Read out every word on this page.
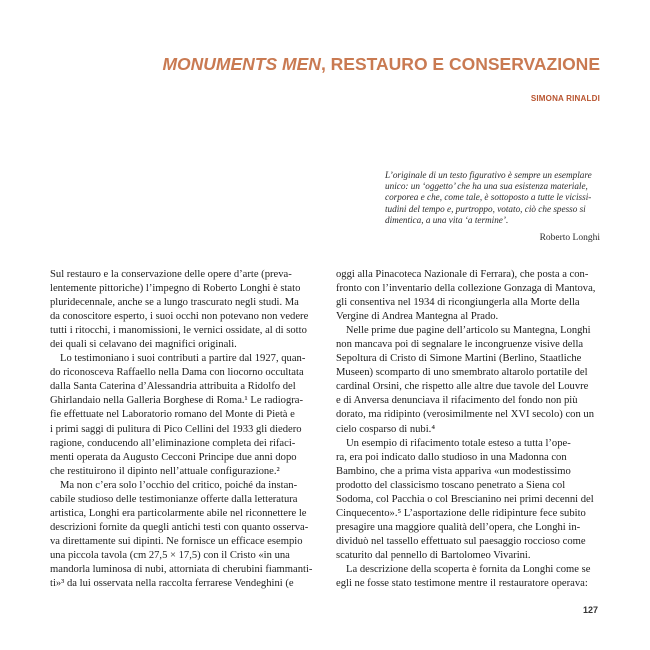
MONUMENTS MEN, RESTAURO E CONSERVAZIONE
SIMONA RINALDI
L’originale di un testo figurativo è sempre un esemplare
unico: un ‘oggetto’ che ha una sua esistenza materiale,
corporea e che, come tale, è sottoposto a tutte le vicissi-
tudini del tempo e, purtroppo, votato, ciò che spesso si
dimentica, a una vita ‘a termine’.
Roberto Longhi
Sul restauro e la conservazione delle opere d’arte (preva-
lentemente pittoriche) l’impegno di Roberto Longhi è stato
pluridecennale, anche se a lungo trascurato negli studi. Ma
da conoscitore esperto, i suoi occhi non potevano non vedere
tutti i ritocchi, i manomissioni, le vernici ossidate, al di sotto
dei quali si celavano dei magnifici originali.
Lo testimoniano i suoi contributi a partire dal 1927, quan-
do riconosceva Raffaello nella Dama con liocorno occultata
dalla Santa Caterina d’Alessandria attribuita a Ridolfo del
Ghirlandaio nella Galleria Borghese di Roma.¹ Le radiogra-
fie effettuate nel Laboratorio romano del Monte di Pietà e
i primi saggi di pulitura di Pico Cellini del 1933 gli diedero
ragione, conducendo all’eliminazione completa dei rifaci-
menti operata da Augusto Cecconi Principe due anni dopo
che restituirono il dipinto nell’attuale configurazione.²
Ma non c’era solo l’occhio del critico, poiché da instan-
cabile studioso delle testimonianze offerte dalla letteratura
artistica, Longhi era particolarmente abile nel riconnettere le
descrizioni fornite da quegli antichi testi con quanto osserva-
va direttamente sui dipinti. Ne fornisce un efficace esempio
una piccola tavola (cm 27,5 × 17,5) con il Cristo «in una
mandorla luminosa di nubi, attorniata di cherubini fiammanti-
ti»³ da lui osservata nella raccolta ferrarese Vendeghini (e
oggi alla Pinacoteca Nazionale di Ferrara), che posta a con-
fronto con l’inventario della collezione Gonzaga di Mantova,
gli consentiva nel 1934 di ricongiungerla alla Morte della
Vergine di Andrea Mantegna al Prado.
Nelle prime due pagine dell’articolo su Mantegna, Longhi
non mancava poi di segnalare le incongruenze visive della
Sepoltura di Cristo di Simone Martini (Berlino, Staatliche
Museen) scomparto di uno smembrato altarolo portatile del
cardinal Orsini, che rispetto alle altre due tavole del Louvre
e di Anversa denunciava il rifacimento del fondo non più
dorato, ma ridipinto (verosimilmente nel XVI secolo) con un
cielo cosparso di nubi.⁴
Un esempio di rifacimento totale esteso a tutta l’ope-
ra, era poi indicato dallo studioso in una Madonna con
Bambino, che a prima vista appariva «un modestissimo
prodotto del classicismo toscano penetrato a Siena col
Sodoma, col Pacchia o col Brescianino nei primi decenni del
Cinquecento».⁵ L’asportazione delle ridipinture fece subito
presagire una maggiore qualità dell’opera, che Longhi in-
dividuò nel tassello effettuato sul paesaggio roccioso come
scaturito dal pennello di Bartolomeo Vivarini.
La descrizione della scoperta è fornita da Longhi come se
egli ne fosse stato testimone mentre il restauratore operava:
127
